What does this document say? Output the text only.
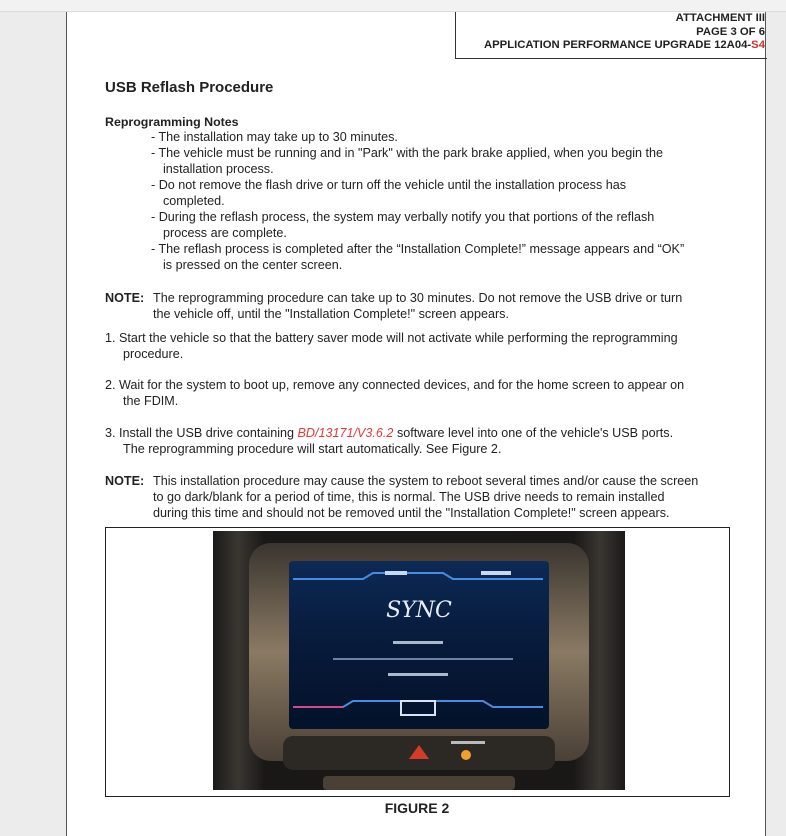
ATTACHMENT III
PAGE 3 OF 6
APPLICATION PERFORMANCE UPGRADE 12A04-S4
USB Reflash Procedure
Reprogramming Notes
- The installation may take up to 30 minutes.
- The vehicle must be running and in "Park" with the park brake applied, when you begin the
installation process.
- Do not remove the flash drive or turn off the vehicle until the installation process has
completed.
- During the reflash process, the system may verbally notify you that portions of the reflash
process are complete.
- The reflash process is completed after the “Installation Complete!” message appears and “OK”
is pressed on the center screen.
NOTE: The reprogramming procedure can take up to 30 minutes. Do not remove the USB drive or turn
the vehicle off, until the "Installation Complete!" screen appears.
1. Start the vehicle so that the battery saver mode will not activate while performing the reprogramming
procedure.
2. Wait for the system to boot up, remove any connected devices, and for the home screen to appear on
the FDIM.
3. Install the USB drive containing BD/13171/V3.6.2 software level into one of the vehicle's USB ports.
The reprogramming procedure will start automatically. See Figure 2.
NOTE: This installation procedure may cause the system to reboot several times and/or cause the screen
to go dark/blank for a period of time, this is normal. The USB drive needs to remain installed
during this time and should not be removed until the "Installation Complete!" screen appears.
SYNC
FIGURE 2
